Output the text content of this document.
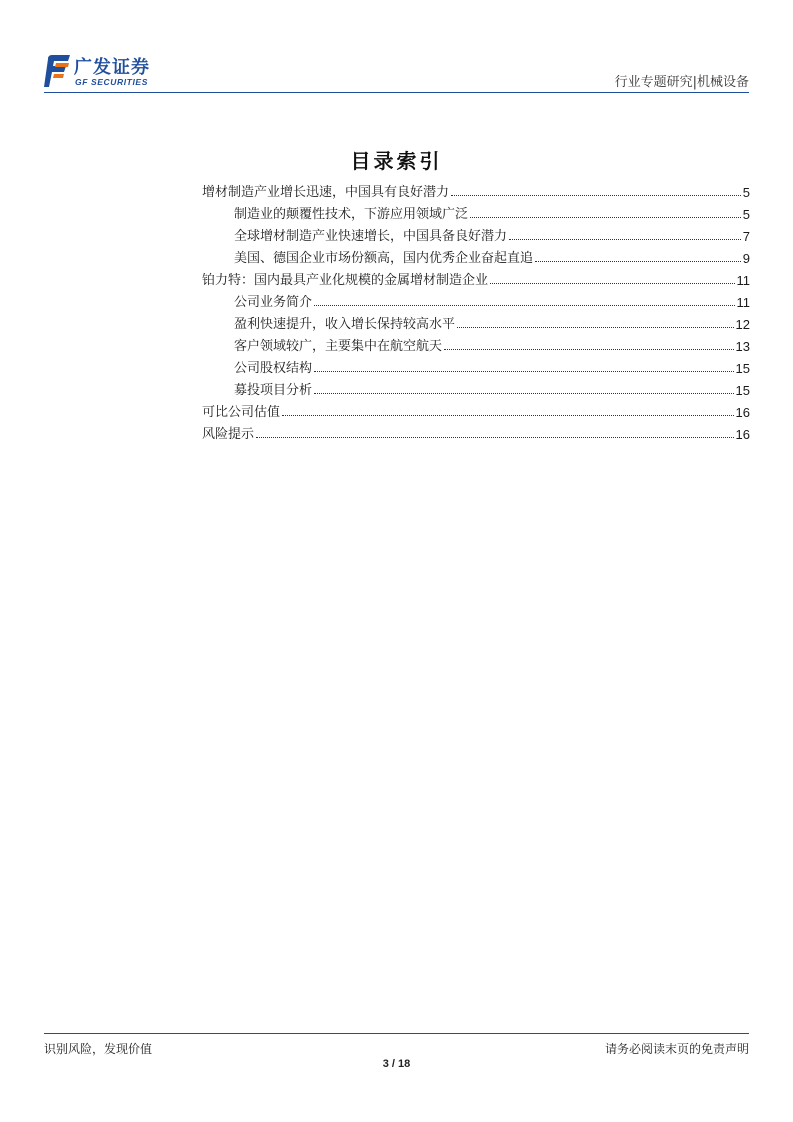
广发证券
GF SECURITIES	行业专题研究|机械设备
目录索引
增材制造产业增长迅速，中国具有良好潜力	5
制造业的颠覆性技术，下游应用领域广泛	5
全球增材制造产业快速增长，中国具备良好潜力	7
美国、德国企业市场份额高，国内优秀企业奋起直追	9
铂力特：国内最具产业化规模的金属增材制造企业	11
公司业务简介	11
盈利快速提升，收入增长保持较高水平	12
客户领域较广，主要集中在航空航天	13
公司股权结构	15
募投项目分析	15
可比公司估值	16
风险提示	16
识别风险，发现价值	请务必阅读末页的免责声明
3 / 18
